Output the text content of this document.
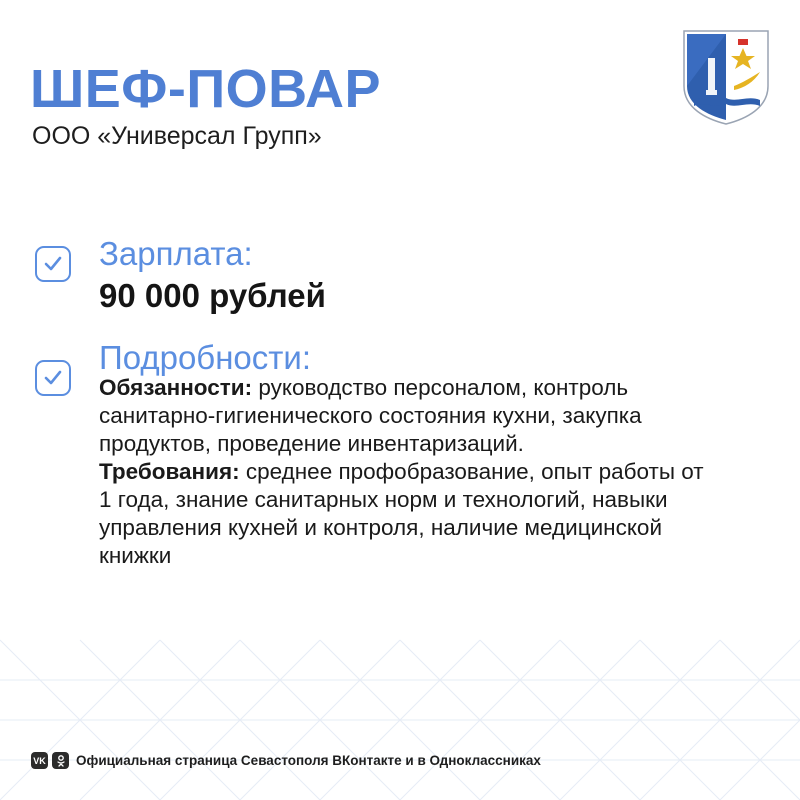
ШЕФ-ПОВАР
ООО «Универсал Групп»
Зарплата:
90 000 рублей
Подробности:

Обязанности: руководство персоналом, контроль санитарно-гигиенического состояния кухни, закупка продуктов, проведение инвентаризаций.

Требования: среднее профобразование, опыт работы от 1 года, знание санитарных норм и технологий, навыки управления кухней и контроля, наличие медицинской книжки

VK Официальная страница Севастополя ВКонтакте и в Одноклассниках
